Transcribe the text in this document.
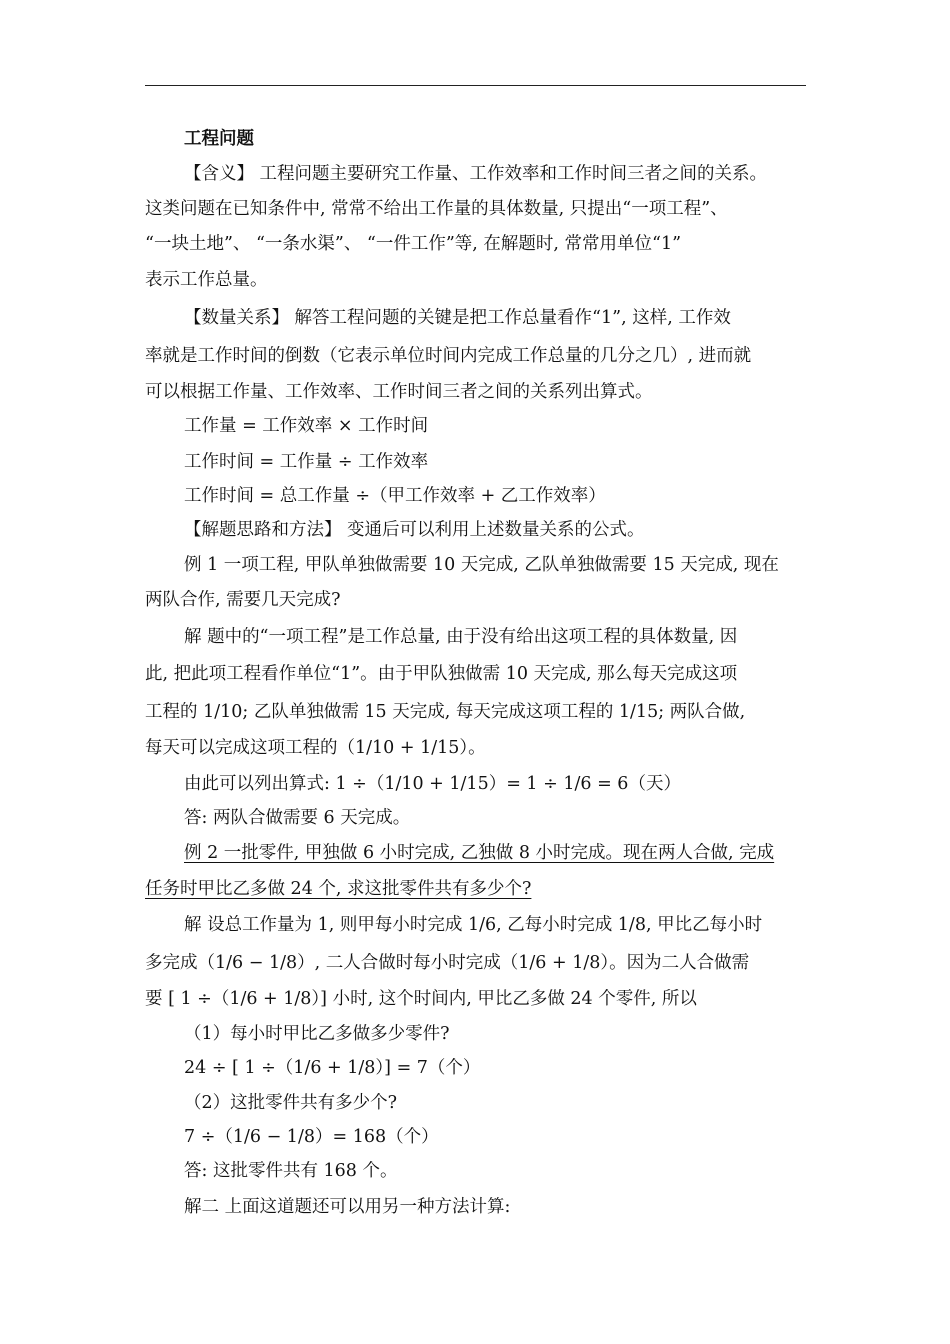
工程问题
【含义】 工程问题主要研究工作量、工作效率和工作时间三者之间的关系。
这类问题在已知条件中, 常常不给出工作量的具体数量, 只提出“一项工程”、
“一块土地”、 “一条水渠”、 “一件工作”等, 在解题时, 常常用单位“1”
表示工作总量。
【数量关系】 解答工程问题的关键是把工作总量看作“1”, 这样, 工作效
率就是工作时间的倒数（它表示单位时间内完成工作总量的几分之几）, 进而就
可以根据工作量、工作效率、工作时间三者之间的关系列出算式。
工作量 = 工作效率 × 工作时间
工作时间 = 工作量 ÷ 工作效率
工作时间 = 总工作量 ÷（甲工作效率 + 乙工作效率）
【解题思路和方法】 变通后可以利用上述数量关系的公式。
例 1 一项工程, 甲队单独做需要 10 天完成, 乙队单独做需要 15 天完成, 现在
两队合作, 需要几天完成?
解 题中的“一项工程”是工作总量, 由于没有给出这项工程的具体数量, 因
此, 把此项工程看作单位“1”。由于甲队独做需 10 天完成, 那么每天完成这项
工程的 1/10; 乙队单独做需 15 天完成, 每天完成这项工程的 1/15; 两队合做,
每天可以完成这项工程的（1/10 + 1/15）。
由此可以列出算式: 1 ÷（1/10 + 1/15）= 1 ÷ 1/6 = 6（天）
答: 两队合做需要 6 天完成。
例 2 一批零件, 甲独做 6 小时完成, 乙独做 8 小时完成。现在两人合做, 完成
任务时甲比乙多做 24 个, 求这批零件共有多少个?
解 设总工作量为 1, 则甲每小时完成 1/6, 乙每小时完成 1/8, 甲比乙每小时
多完成（1/6 − 1/8）, 二人合做时每小时完成（1/6 + 1/8）。因为二人合做需
要 [ 1 ÷（1/6 + 1/8）] 小时, 这个时间内, 甲比乙多做 24 个零件, 所以
（1）每小时甲比乙多做多少零件?
24 ÷ [ 1 ÷（1/6 + 1/8）] = 7（个）
（2）这批零件共有多少个?
7 ÷（1/6 − 1/8）= 168（个）
答: 这批零件共有 168 个。
解二 上面这道题还可以用另一种方法计算:
